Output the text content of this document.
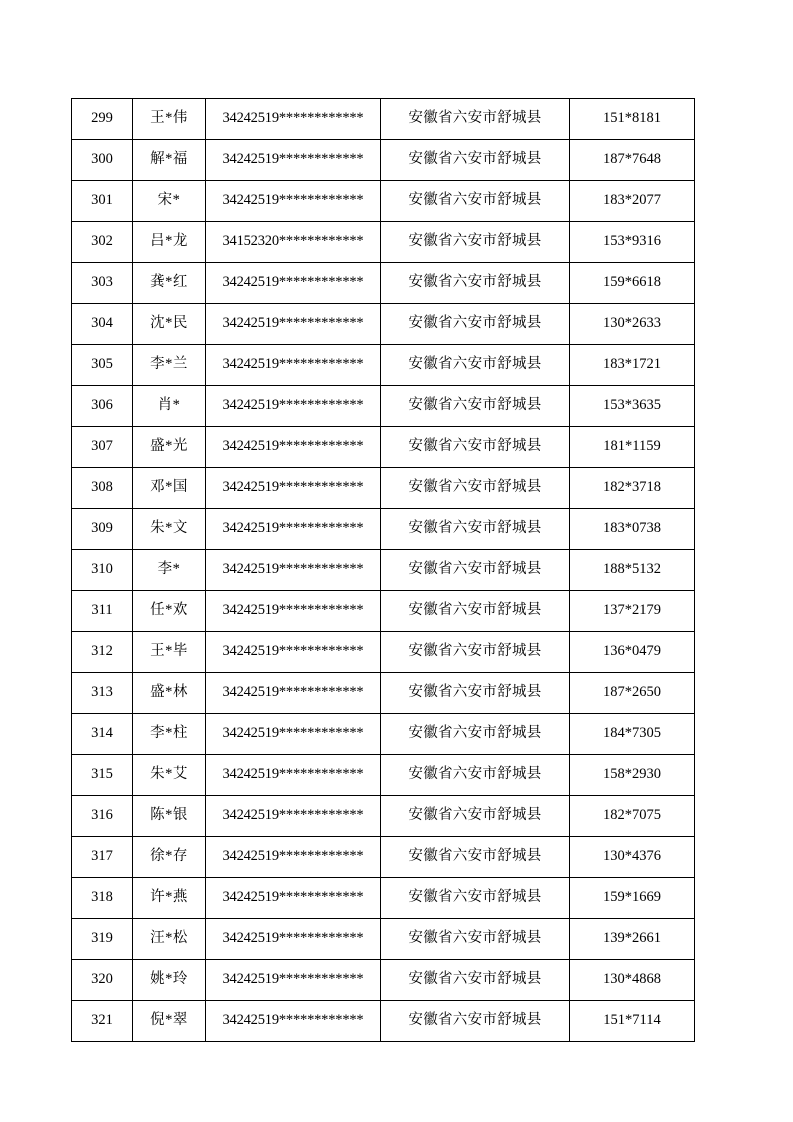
299	王*伟	34242519************	安徽省六安市舒城县	151*8181
300	解*福	34242519************	安徽省六安市舒城县	187*7648
301	宋*	34242519************	安徽省六安市舒城县	183*2077
302	吕*龙	34152320************	安徽省六安市舒城县	153*9316
303	龚*红	34242519************	安徽省六安市舒城县	159*6618
304	沈*民	34242519************	安徽省六安市舒城县	130*2633
305	李*兰	34242519************	安徽省六安市舒城县	183*1721
306	肖*	34242519************	安徽省六安市舒城县	153*3635
307	盛*光	34242519************	安徽省六安市舒城县	181*1159
308	邓*国	34242519************	安徽省六安市舒城县	182*3718
309	朱*文	34242519************	安徽省六安市舒城县	183*0738
310	李*	34242519************	安徽省六安市舒城县	188*5132
311	任*欢	34242519************	安徽省六安市舒城县	137*2179
312	王*毕	34242519************	安徽省六安市舒城县	136*0479
313	盛*林	34242519************	安徽省六安市舒城县	187*2650
314	李*柱	34242519************	安徽省六安市舒城县	184*7305
315	朱*艾	34242519************	安徽省六安市舒城县	158*2930
316	陈*银	34242519************	安徽省六安市舒城县	182*7075
317	徐*存	34242519************	安徽省六安市舒城县	130*4376
318	许*燕	34242519************	安徽省六安市舒城县	159*1669
319	汪*松	34242519************	安徽省六安市舒城县	139*2661
320	姚*玲	34242519************	安徽省六安市舒城县	130*4868
321	倪*翠	34242519************	安徽省六安市舒城县	151*7114
